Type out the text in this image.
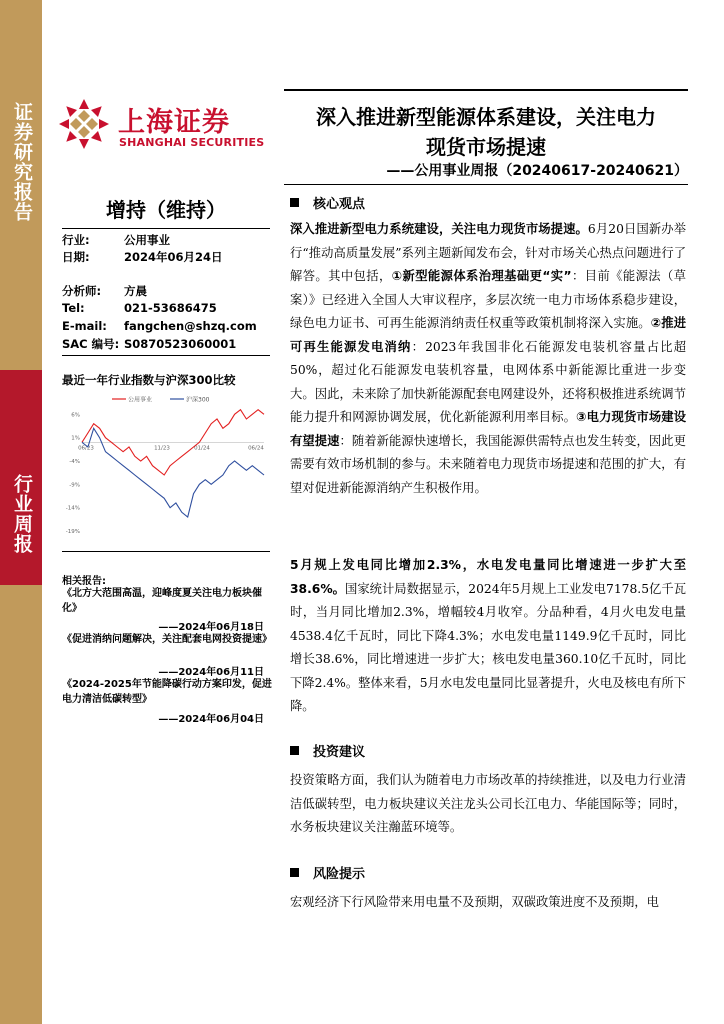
证券研究报告
行业周报
上海证券
SHANGHAI SECURITIES
深入推进新型能源体系建设，关注电力
现货市场提速
——公用事业周报（20240617-20240621）
增持（维持）
行业:	公用事业
日期:	2024年06月24日
分析师: 方晨
Tel:	021-53686475
E-mail: fangchen@shzq.com
SAC 编号: S0870523060001
最近一年行业指数与沪深300比较
公用事业	沪深300
6%
1%
-4%
-9%
-14%
-19%
06/23	11/23	01/24	06/24
相关报告:
《北方大范围高温，迎峰度夏关注电力板块催化》
——2024年06月18日
《促进消纳问题解决，关注配套电网投资提速》
——2024年06月11日
《2024-2025年节能降碳行动方案印发，促进电力清洁低碳转型》
——2024年06月04日
核心观点
深入推进新型电力系统建设，关注电力现货市场提速。6月20日国新办举行“推动高质量发展”系列主题新闻发布会，针对市场关心热点问题进行了解答。其中包括，①新型能源体系治理基础更“实”：目前《能源法（草案）》已经进入全国人大审议程序，多层次统一电力市场体系稳步建设，绿色电力证书、可再生能源消纳责任权重等政策机制将深入实施。②推进可再生能源发电消纳：2023年我国非化石能源发电装机容量占比超50%，超过化石能源发电装机容量，电网体系中新能源比重进一步变大。因此，未来除了加快新能源配套电网建设外，还将积极推进系统调节能力提升和网源协调发展，优化新能源利用率目标。③电力现货市场建设有望提速：随着新能源快速增长，我国能源供需特点也发生转变，因此更需要有效市场机制的参与。未来随着电力现货市场提速和范围的扩大，有望对促进新能源消纳产生积极作用。
5月规上发电同比增加2.3%，水电发电量同比增速进一步扩大至38.6%。国家统计局数据显示，2024年5月规上工业发电7178.5亿千瓦时，当月同比增加2.3%，增幅较4月收窄。分品种看，4月火电发电量4538.4亿千瓦时，同比下降4.3%；水电发电量1149.9亿千瓦时，同比增长38.6%，同比增速进一步扩大；核电发电量360.10亿千瓦时，同比下降2.4%。整体来看，5月水电发电量同比显著提升，火电及核电有所下降。
投资建议
投资策略方面，我们认为随着电力市场改革的持续推进，以及电力行业清洁低碳转型，电力板块建议关注龙头公司长江电力、华能国际等；同时，水务板块建议关注瀚蓝环境等。
风险提示
宏观经济下行风险带来用电量不及预期，双碳政策进度不及预期，电
